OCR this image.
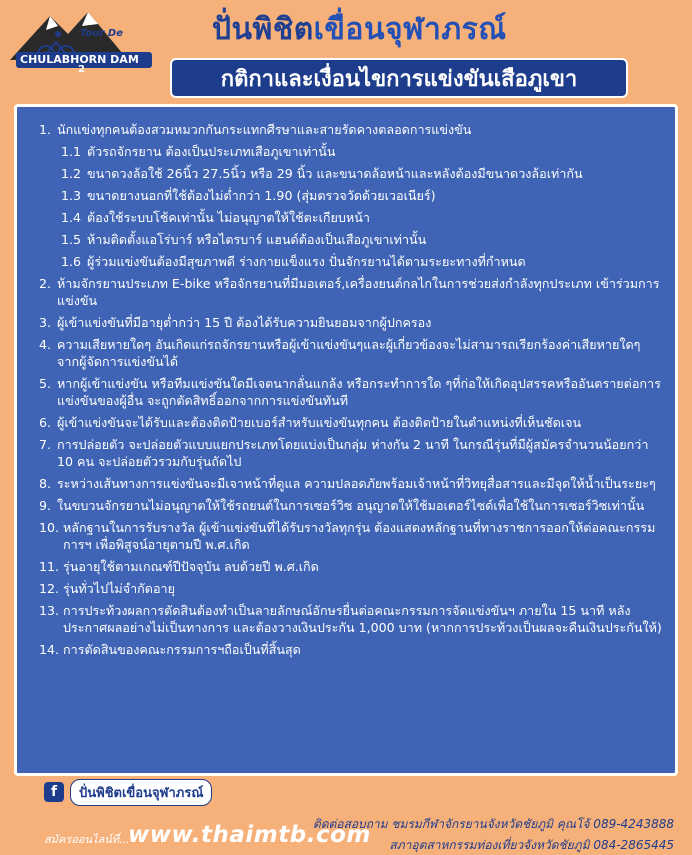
Tour De
CHULABHORN DAM
2
ปั่นพิชิตเขื่อนจุฬาภรณ์
กติกาและเงื่อนไขการแข่งขันเสือภูเขา
1. นักแข่งทุกคนต้องสวมหมวกกันกระแทกศีรษาและสายรัดคางตลอดการแข่งขัน
1.1 ตัวรถจักรยาน ต้องเป็นประเภทเสือภูเขาเท่านั้น
1.2 ขนาดวงล้อใช้ 26นิ้ว 27.5นิ้ว หรือ 29 นิ้ว และขนาดล้อหน้าและหลังต้องมีขนาดวงล้อเท่ากัน
1.3 ขนาดยางนอกที่ใช้ต้องไม่ต่ำกว่า 1.90 (สุ่มตรวจวัดด้วยเวอเนียร์)
1.4 ต้องใช้ระบบโช้คเท่านั้น ไม่อนุญาตให้ใช้ตะเกียบหน้า
1.5 ห้ามติดตั้งแอโร่บาร์ หรือไตรบาร์ แฮนด์ต้องเป็นเสือภูเขาเท่านั้น
1.6 ผู้ร่วมแข่งขันต้องมีสุขภาพดี ร่างกายแข็งแรง ปั่นจักรยานได้ตามระยะทางที่กำหนด
2. ห้ามจักรยานประเภท E-bike หรือจักรยานที่มีมอเตอร์,เครื่องยนต์กลไกในการช่วยส่งกำลังทุกประเภท เข้าร่วมการแข่งขัน
3. ผู้เข้าแข่งขันที่มีอายุต่ำกว่า 15 ปี ต้องได้รับความยินยอมจากผู้ปกครอง
4. ความเสียหายใดๆ อันเกิดแก่รถจักรยานหรือผู้เข้าแข่งขันๆและผู้เกี่ยวข้องจะไม่สามารถเรียกร้องค่าเสียหายใดๆ จากผู้จัดการแข่งขันได้
5. หากผู้เข้าแข่งขัน หรือทีมแข่งขันใดมีเจตนากลั่นแกล้ง หรือกระทำการใด ๆที่ก่อให้เกิดอุปสรรคหรืออันตรายต่อการแข่งขันของผู้อื่น จะถูกตัดสิทธิ์ออกจากการแข่งขันทันที
6. ผู้เข้าแข่งขันจะได้รับและต้องติดป้ายเบอร์สำหรับแข่งขันทุกคน ต้องติดป้ายในตำแหน่งที่เห็นชัดเจน
7. การปล่อยตัว จะปล่อยตัวแบบแยกประเภทโดยแบ่งเป็นกลุ่ม ห่างกัน 2 นาที ในกรณีรุ่นที่มีผู้สมัครจำนวนน้อยกว่า 10 คน จะปล่อยตัวรวมกับรุ่นถัดไป
8. ระหว่างเส้นทางการแข่งขันจะมีเจาหน้าที่ดูแล ความปลอดภัยพร้อมเจ้าหน้าที่วิทยุสื่อสารและมีจุดให้น้ำเป็นระยะๆ
9. ในขบวนจักรยานไม่อนุญาตให้ใช้รถยนต์ในการเซอร์วิซ อนุญาตให้ใช้มอเตอร์ไซด์เพื่อใช้ในการเซอร์วิซเท่านั้น
10. หลักฐานในการรับรางวัล ผู้เข้าแข่งขันที่ได้รับรางวัลทุกรุ่น ต้องแสดงหลักฐานที่ทางราชการออกให้ต่อคณะกรรมการฯ เพื่อพิสูจน์อายุตามปี พ.ศ.เกิด
11. รุ่นอายุใช้ตามเกณฑ์ปีปัจจุบัน ลบด้วยปี พ.ศ.เกิด
12. รุ่นทั่วไปไม่จำกัดอายุ
13. การประท้วงผลการตัดสินต้องทำเป็นลายลักษณ์อักษรยื่นต่อคณะกรรมการจัดแข่งขันฯ ภายใน 15 นาที หลังประกาศผลอย่างไม่เป็นทางการ และต้องวางเงินประกัน 1,000 บาท (หากการประท้วงเป็นผลจะคืนเงินประกันให้)
14. การตัดสินของคณะกรรมการฯถือเป็นที่สิ้นสุด
f	ปั่นพิชิตเขื่อนจุฬาภรณ์
สมัครออนไลน์ที่...
www.thaimtb.com
ติดต่อสอบถาม ชมรมกีฬาจักรยานจังหวัดชัยภูมิ คุณโจ้ 089-4243888
สภาอุตสาหกรรมท่องเที่ยวจังหวัดชัยภูมิ 084-2865445
